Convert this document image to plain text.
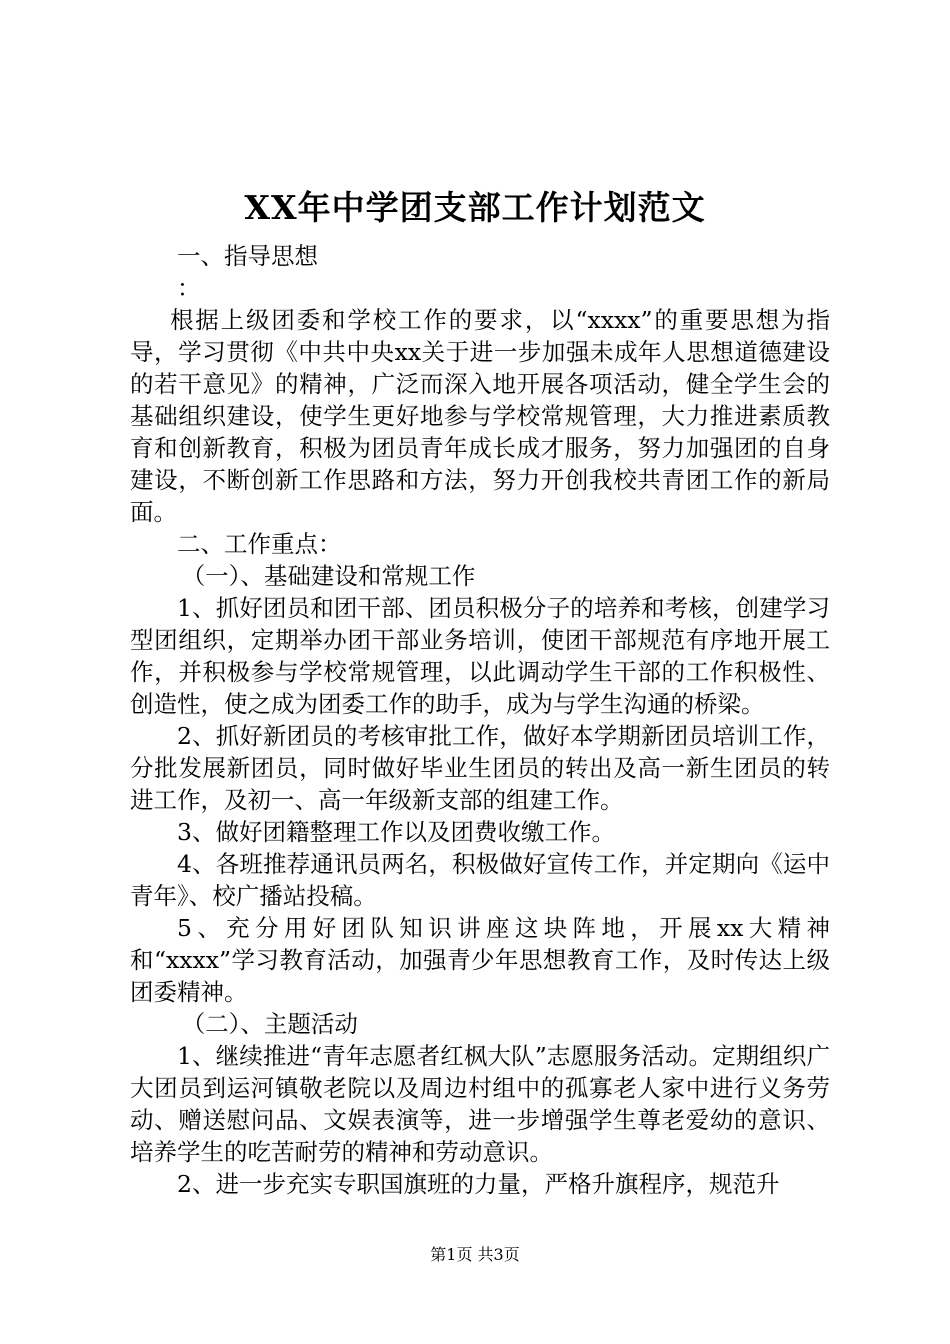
XX年中学团支部工作计划范文

一、指导思想

：

根据上级团委和学校工作的要求，以“xxxx”的重要思想为指导，学习贯彻《中共中央xx关于进一步加强未成年人思想道德建设的若干意见》的精神，广泛而深入地开展各项活动，健全学生会的基础组织建设，使学生更好地参与学校常规管理，大力推进素质教育和创新教育，积极为团员青年成长成才服务，努力加强团的自身建设，不断创新工作思路和方法，努力开创我校共青团工作的新局面。

二、工作重点：

（一）、基础建设和常规工作

1、抓好团员和团干部、团员积极分子的培养和考核，创建学习型团组织，定期举办团干部业务培训，使团干部规范有序地开展工作，并积极参与学校常规管理，以此调动学生干部的工作积极性、创造性，使之成为团委工作的助手，成为与学生沟通的桥梁。

2、抓好新团员的考核审批工作，做好本学期新团员培训工作，分批发展新团员，同时做好毕业生团员的转出及高一新生团员的转进工作，及初一、高一年级新支部的组建工作。

3、做好团籍整理工作以及团费收缴工作。

4、各班推荐通讯员两名，积极做好宣传工作，并定期向《运中青年》、校广播站投稿。

5、充分用好团队知识讲座这块阵地，开展xx大精神和“xxxx”学习教育活动，加强青少年思想教育工作，及时传达上级团委精神。

（二）、主题活动

1、继续推进“青年志愿者红枫大队”志愿服务活动。定期组织广大团员到运河镇敬老院以及周边村组中的孤寡老人家中进行义务劳动、赠送慰问品、文娱表演等，进一步增强学生尊老爱幼的意识、培养学生的吃苦耐劳的精神和劳动意识。

2、进一步充实专职国旗班的力量，严格升旗程序，规范升

第1页 共3页
